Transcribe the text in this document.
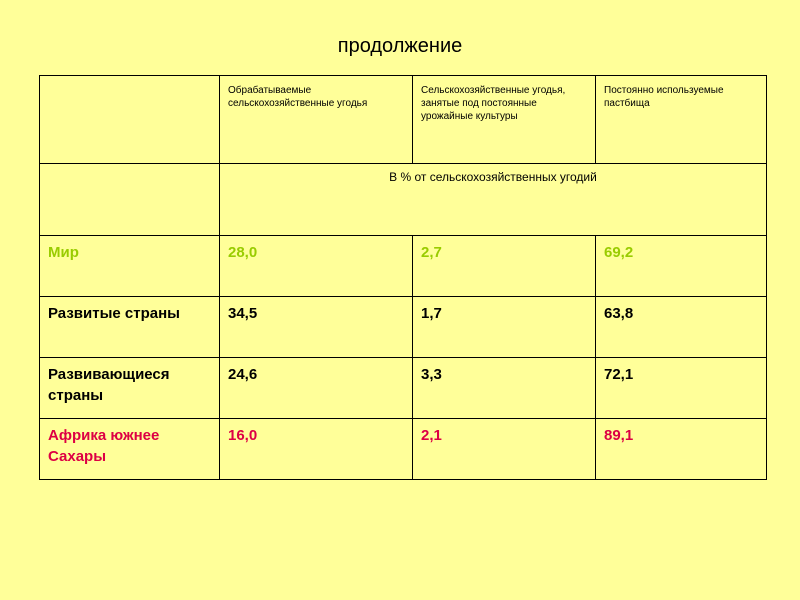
продолжение
	Обрабатываемые сельскохозяйственные угодья	Сельскохозяйственные угодья, занятые под постоянные урожайные культуры	Постоянно используемые пастбища
	В % от сельскохозяйственных угодий		
Мир	28,0	2,7	69,2
Развитые страны	34,5	1,7	63,8
Развивающиеся страны	24,6	3,3	72,1
Африка южнее Сахары	16,0	2,1	89,1
